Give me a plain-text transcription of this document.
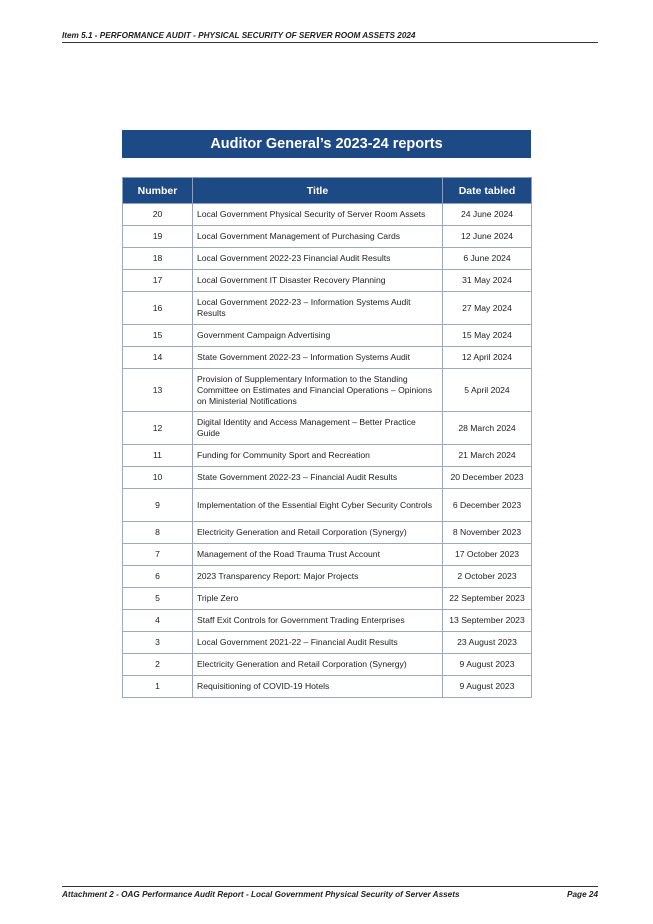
Item 5.1 - PERFORMANCE AUDIT - PHYSICAL SECURITY OF SERVER ROOM ASSETS 2024
Auditor General’s 2023-24 reports
Number	Title	Date tabled
20	Local Government Physical Security of Server Room Assets	24 June 2024
19	Local Government Management of Purchasing Cards	12 June 2024
18	Local Government 2022-23 Financial Audit Results	6 June 2024
17	Local Government IT Disaster Recovery Planning	31 May 2024
16	Local Government 2022-23 – Information Systems Audit Results	27 May 2024
15	Government Campaign Advertising	15 May 2024
14	State Government 2022-23 – Information Systems Audit	12 April 2024
13	Provision of Supplementary Information to the Standing Committee on Estimates and Financial Operations – Opinions on Ministerial Notifications	5 April 2024
12	Digital Identity and Access Management – Better Practice Guide	28 March 2024
11	Funding for Community Sport and Recreation	21 March 2024
10	State Government 2022-23 – Financial Audit Results	20 December 2023
9	Implementation of the Essential Eight Cyber Security Controls	6 December 2023
8	Electricity Generation and Retail Corporation (Synergy)	8 November 2023
7	Management of the Road Trauma Trust Account	17 October 2023
6	2023 Transparency Report: Major Projects	2 October 2023
5	Triple Zero	22 September 2023
4	Staff Exit Controls for Government Trading Enterprises	13 September 2023
3	Local Government 2021-22 – Financial Audit Results	23 August 2023
2	Electricity Generation and Retail Corporation (Synergy)	9 August 2023
1	Requisitioning of COVID-19 Hotels	9 August 2023
Attachment 2 - OAG Performance Audit Report - Local Government Physical Security of Server Assets	Page 24
